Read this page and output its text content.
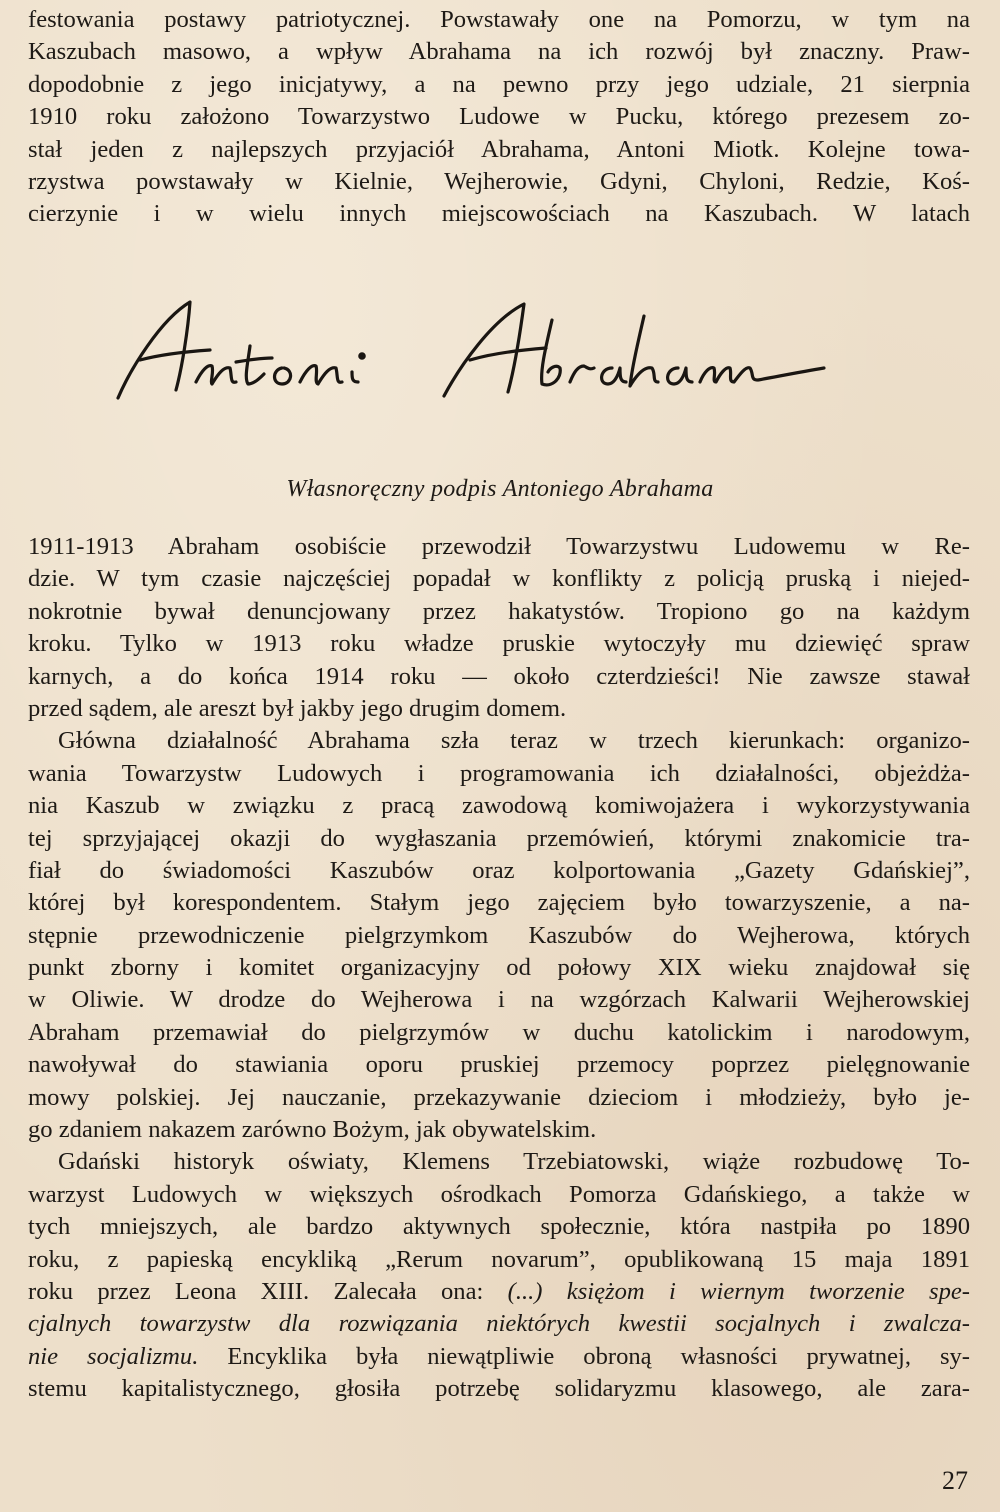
festowania postawy patriotycznej. Powstawały one na Pomorzu, w tym na
Kaszubach masowo, a wpływ Abrahama na ich rozwój był znaczny. Praw-
dopodobnie z jego inicjatywy, a na pewno przy jego udziale, 21 sierpnia
1910 roku założono Towarzystwo Ludowe w Pucku, którego prezesem zo-
stał jeden z najlepszych przyjaciół Abrahama, Antoni Miotk. Kolejne towa-
rzystwa powstawały w Kielnie, Wejherowie, Gdyni, Chyloni, Redzie, Koś-
cierzynie i w wielu innych miejscowościach na Kaszubach. W latach
Własnoręczny podpis Antoniego Abrahama
1911-1913 Abraham osobiście przewodził Towarzystwu Ludowemu w Re-
dzie. W tym czasie najczęściej popadał w konflikty z policją pruską i niejed-
nokrotnie bywał denuncjowany przez hakatystów. Tropiono go na każdym
kroku. Tylko w 1913 roku władze pruskie wytoczyły mu dziewięć spraw
karnych, a do końca 1914 roku — około czterdzieści! Nie zawsze stawał
przed sądem, ale areszt był jakby jego drugim domem.
Główna działalność Abrahama szła teraz w trzech kierunkach: organizo-
wania Towarzystw Ludowych i programowania ich działalności, objeżdża-
nia Kaszub w związku z pracą zawodową komiwojażera i wykorzystywania
tej sprzyjającej okazji do wygłaszania przemówień, którymi znakomicie tra-
fiał do świadomości Kaszubów oraz kolportowania „Gazety Gdańskiej”,
której był korespondentem. Stałym jego zajęciem było towarzyszenie, a na-
stępnie przewodniczenie pielgrzymkom Kaszubów do Wejherowa, których
punkt zborny i komitet organizacyjny od połowy XIX wieku znajdował się
w Oliwie. W drodze do Wejherowa i na wzgórzach Kalwarii Wejherowskiej
Abraham przemawiał do pielgrzymów w duchu katolickim i narodowym,
nawoływał do stawiania oporu pruskiej przemocy poprzez pielęgnowanie
mowy polskiej. Jej nauczanie, przekazywanie dzieciom i młodzieży, było je-
go zdaniem nakazem zarówno Bożym, jak obywatelskim.
Gdański historyk oświaty, Klemens Trzebiatowski, wiąże rozbudowę To-
warzyst Ludowych w większych ośrodkach Pomorza Gdańskiego, a także w
tych mniejszych, ale bardzo aktywnych społecznie, która nastpiła po 1890
roku, z papieską encykliką „Rerum novarum”, opublikowaną 15 maja 1891
roku przez Leona XIII. Zalecała ona: (...) księżom i wiernym tworzenie spe-
cjalnych towarzystw dla rozwiązania niektórych kwestii socjalnych i zwalcza-
nie socjalizmu. Encyklika była niewątpliwie obroną własności prywatnej, sy-
stemu kapitalistycznego, głosiła potrzebę solidaryzmu klasowego, ale zara-
27
